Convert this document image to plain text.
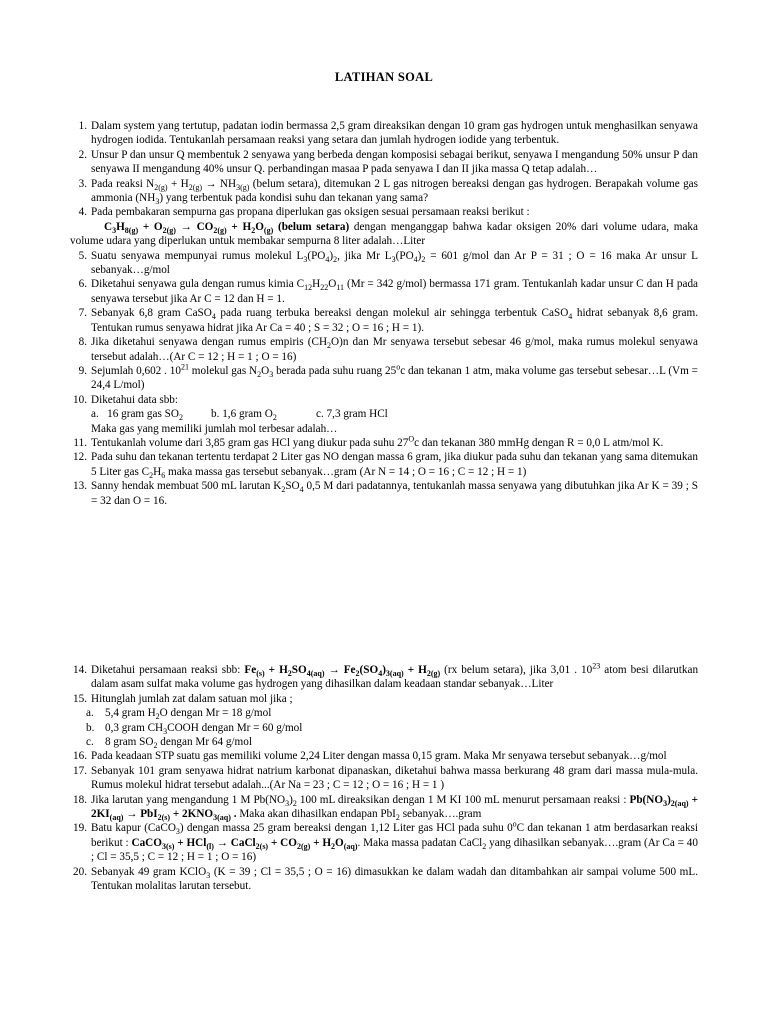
LATIHAN SOAL
1. Dalam system yang tertutup, padatan iodin bermassa 2,5 gram direaksikan dengan 10 gram gas hydrogen untuk menghasilkan senyawa hydrogen iodida. Tentukanlah persamaan reaksi yang setara dan jumlah hydrogen iodide yang terbentuk.
2. Unsur P dan unsur Q membentuk 2 senyawa yang berbeda dengan komposisi sebagai berikut, senyawa I mengandung 50% unsur P dan senyawa II mengandung 40% unsur Q. perbandingan masaa P pada senyawa I dan II jika massa Q tetap adalah…
3. Pada reaksi $N_{2(g)} + H_{2(g)} \to NH_{3(g)}$ (belum setara), ditemukan 2 L gas nitrogen bereaksi dengan gas hydrogen. Berapakah volume gas ammonia $(NH_3)$ yang terbentuk pada kondisi suhu dan tekanan yang sama?
4. Pada pembakaran sempurna gas propana diperlukan gas oksigen sesuai persamaan reaksi berikut :
$C_3H_{8(g)} + O_{2(g)} \to CO_{2(g)} + H_2O_{(g)}$ (belum setara) dengan menganggap bahwa kadar oksigen 20% dari volume udara, maka volume udara yang diperlukan untuk membakar sempurna 8 liter adalah…Liter
5. Suatu senyawa mempunyai rumus molekul $L_3(PO_4)_2$, jika Mr $L_3(PO_4)_2 = 601$ g/mol dan Ar P = 31 ; O = 16 maka Ar unsur L sebanyak…g/mol
6. Diketahui senyawa gula dengan rumus kimia $C_{12}H_{22}O_{11}$ (Mr = 342 g/mol) bermassa 171 gram. Tentukanlah kadar unsur C dan H pada senyawa tersebut jika Ar C = 12 dan H = 1.
7. Sebanyak 6,8 gram CaSO$_4$ pada ruang terbuka bereaksi dengan molekul air sehingga terbentuk CaSO$_4$ hidrat sebanyak 8,6 gram. Tentukan rumus senyawa hidrat jika Ar Ca = 40 ; S = 32 ; O = 16 ; H = 1).
8. Jika diketahui senyawa dengan rumus empiris $(CH_2O)n$ dan Mr senyawa tersebut sebesar 46 g/mol, maka rumus molekul senyawa tersebut adalah…(Ar C = 12 ; H = 1 ; O = 16)
9. Sejumlah 0,602 . $10^{21}$ molekul gas $N_2O_3$ berada pada suhu ruang 25$^o$c dan tekanan 1 atm, maka volume gas tersebut sebesar…L (Vm = 24,4 L/mol)
10. Diketahui data sbb:
a.   16 gram gas $SO_2$	b. 1,6 gram $O_2$	c. 7,3 gram HCl
Maka gas yang memiliki jumlah mol terbesar adalah…
11. Tentukanlah volume dari 3,85 gram gas HCl yang diukur pada suhu $27^Oc$ dan tekanan 380 mmHg dengan R = 0,0 L atm/mol K.
12. Pada suhu dan tekanan tertentu terdapat 2 Liter gas NO dengan massa 6 gram, jika diukur pada suhu dan tekanan yang sama ditemukan 5 Liter gas $C_2H_6$ maka massa gas tersebut sebanyak…gram (Ar N = 14 ; O = 16 ; C = 12 ; H = 1)
13. Sanny hendak membuat 500 mL larutan $K_2SO_4$ 0,5 M dari padatannya, tentukanlah massa senyawa yang dibutuhkan jika Ar K = 39 ; S = 32 dan O = 16.
14. Diketahui persamaan reaksi sbb: $Fe_{(s)} + H_2SO_{4(aq)} \to Fe_2(SO_4)_{3(aq)} + H_{2(g)}$ (rx belum setara), jika 3,01 . $10^{23}$ atom besi dilarutkan dalam asam sulfat maka volume gas hydrogen yang dihasilkan dalam keadaan standar sebanyak…Liter
15. Hitunglah jumlah zat dalam satuan mol jika ;
a. 5,4 gram $H_2O$ dengan Mr = 18 g/mol
b. 0,3 gram $CH_3COOH$ dengan Mr = 60 g/mol
c. 8 gram $SO_2$ dengan Mr 64 g/mol
16. Pada keadaan STP suatu gas memiliki volume 2,24 Liter dengan massa 0,15 gram. Maka Mr senyawa tersebut sebanyak…g/mol
17. Sebanyak 101 gram senyawa hidrat natrium karbonat dipanaskan, diketahui bahwa massa berkurang 48 gram dari massa mula-mula. Rumus molekul hidrat tersebut adalah...(Ar Na = 23 ; C = 12 ; O = 16 ; H = 1 )
18. Jika larutan yang mengandung 1 M $Pb(NO_3)_2$ 100 mL direaksikan dengan 1 M KI 100 mL menurut persamaan reaksi : $Pb(NO_3)_{2(aq)} + 2KI_{(aq)} \to PbI_{2(s)} + 2KNO_{3(aq)}$ . Maka akan dihasilkan endapan PbI$_2$ sebanyak….gram
19. Batu kapur (CaCO$_3$) dengan massa 25 gram bereaksi dengan 1,12 Liter gas HCl pada suhu 0$^o$C dan tekanan 1 atm berdasarkan reaksi berikut : CaCO$_{3(s)}$ + HCl$_{(l)}$ → CaCl$_{2(s)}$ + $CO_{2(g)} + H_2O_{(aq)}$. Maka massa padatan CaCl$_2$ yang dihasilkan sebanyak….gram (Ar Ca = 40 ; Cl = 35,5 ; C = 12 ; H = 1 ; O = 16)
20. Sebanyak 49 gram KClO$_3$ (K = 39 ; Cl = 35,5 ; O = 16) dimasukkan ke dalam wadah dan ditambahkan air sampai volume 500 mL. Tentukan molalitas larutan tersebut.
